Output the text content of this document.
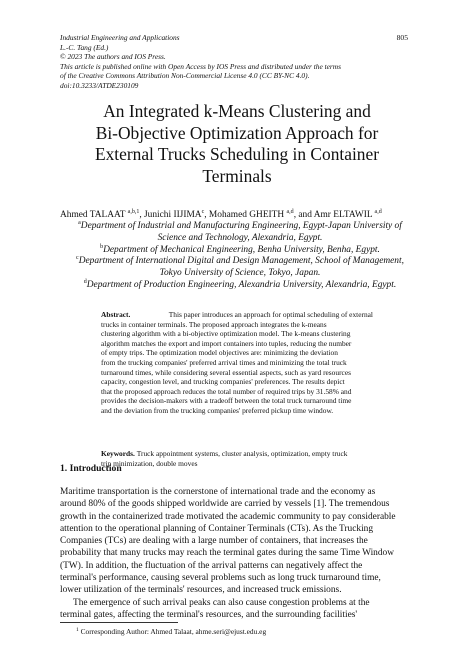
Industrial Engineering and Applications
L.-C. Tang (Ed.)
© 2023 The authors and IOS Press.
This article is published online with Open Access by IOS Press and distributed under the terms
of the Creative Commons Attribution Non-Commercial License 4.0 (CC BY-NC 4.0).
doi:10.3233/ATDE230109
805
An Integrated k-Means Clustering and
Bi-Objective Optimization Approach for
External Trucks Scheduling in Container
Terminals
Ahmed TALAAT $^{a,b,1}$, Junichi IIJIMA$^c$, Mohamed GHEITH $^{a,d}$, and Amr ELTAWIL $^{a,d}$
$^a$Department of Industrial and Manufacturing Engineering, Egypt-Japan University of
Science and Technology, Alexandria, Egypt.
$^b$Department of Mechanical Engineering, Benha University, Benha, Egypt.
$^c$Department of International Digital and Design Management, School of Management,
Tokyo University of Science, Tokyo, Japan.
$^d$Department of Production Engineering, Alexandria University, Alexandria, Egypt.
Abstract.
	This paper introduces an approach for optimal scheduling of external
trucks in container terminals. The proposed approach integrates the k-means
clustering algorithm with a bi-objective optimization model. The k-means clustering
algorithm matches the export and import containers into tuples, reducing the number
of empty trips. The optimization model objectives are: minimizing the deviation
from the trucking companies' preferred arrival times and minimizing the total truck
turnaround times, while considering several essential aspects, such as yard resources
capacity, congestion level, and trucking companies' preferences. The results depict
that the proposed approach reduces the total number of required trips by 31.58% and
provides the decision-makers with a tradeoff between the total truck turnaround time
and the deviation from the trucking companies' preferred pickup time window.
Keywords. Truck appointment systems, cluster analysis, optimization, empty truck
trip minimization, double moves
1. Introduction
Maritime transportation is the cornerstone of international trade and the economy as
around 80% of the goods shipped worldwide are carried by vessels [1]. The tremendous
growth in the containerized trade motivated the academic community to pay considerable
attention to the operational planning of Container Terminals (CTs). As the Trucking
Companies (TCs) are dealing with a large number of containers, that increases the
probability that many trucks may reach the terminal gates during the same Time Window
(TW). In addition, the fluctuation of the arrival patterns can negatively affect the
terminal's performance, causing several problems such as long truck turnaround time,
lower utilization of the terminals' resources, and increased truck emissions.
The emergence of such arrival peaks can also cause congestion problems at the
terminal gates, affecting the terminal's resources, and the surrounding facilities'
$^1$ Corresponding Author: Ahmed Talaat, ahme.seri@ejust.edu.eg
